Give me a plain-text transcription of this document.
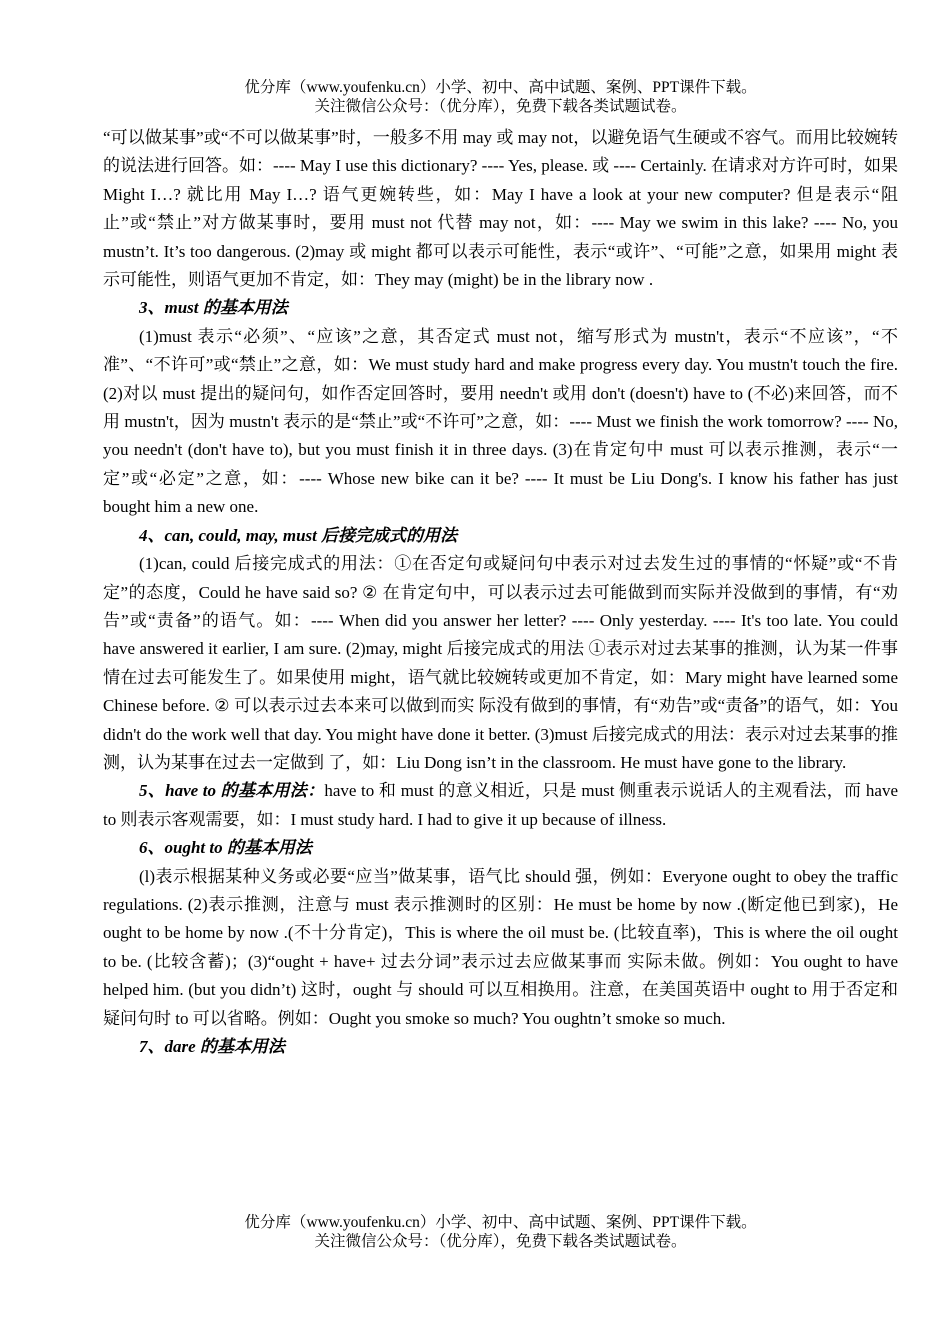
优分库（www.youfenku.cn）小学、初中、高中试题、案例、PPT课件下载。
关注微信公众号：（优分库），免费下载各类试题试卷。

“可以做某事”或“不可以做某事”时，一般多不用 may 或 may not，以避免语气生硬或不容气。而用比较婉转的说法进行回答。如：---- May I use this dictionary? ---- Yes, please. 或 ---- Certainly. 在请求对方许可时，如果 Might I…? 就比用 May I…? 语气更婉转些，如：May I have a look at your new computer? 但是表示“阻止”或“禁止”对方做某事时，要用 must not 代替 may not，如：---- May we swim in this lake? ---- No, you mustn’t. It’s too dangerous. (2)may 或 might 都可以表示可能性，表示“或许”、“可能”之意，如果用 might 表示可能性，则语气更加不肯定，如：They may (might) be in the library now .

3、must 的基本用法

(1)must 表示“必须”、“应该”之意，其否定式 must not，缩写形式为 mustn't，表示“不应该”，“不准”、“不许可”或“禁止”之意，如：We must study hard and make progress every day. You mustn't touch the fire. (2)对以 must 提出的疑问句，如作否定回答时，要用 needn't 或用 don't (doesn't) have to (不必)来回答，而不用 mustn't，因为 mustn't 表示的是“禁止”或“不许可”之意，如：---- Must we finish the work tomorrow? ---- No, you needn't (don't have to), but you must finish it in three days. (3)在肯定句中 must 可以表示推测，表示“一定”或“必定”之意，如：---- Whose new bike can it be? ---- It must be Liu Dong's. I know his father has just bought him a new one.

4、can, could, may, must 后接完成式的用法

(1)can, could 后接完成式的用法：①在否定句或疑问句中表示对过去发生过的事情的“怀疑”或“不肯定”的态度，Could he have said so? ② 在肯定句中，可以表示过去可能做到而实际并没做到的事情，有“劝告”或“责备”的语气。如：---- When did you answer her letter? ---- Only yesterday. ---- It's too late. You could have answered it earlier, I am sure. (2)may, might 后接完成式的用法 ①表示对过去某事的推测，认为某一件事情在过去可能发生了。如果使用 might，语气就比较婉转或更加不肯定，如：Mary might have learned some Chinese before. ② 可以表示过去本来可以做到而实 际没有做到的事情，有“劝告”或“责备”的语气，如：You didn't do the work well that day. You might have done it better. (3)must 后接完成式的用法：表示对过去某事的推测，认为某事在过去一定做到 了，如：Liu Dong isn’t in the classroom. He must have gone to the library.

5、have to 的基本用法：have to 和 must 的意义相近，只是 must 侧重表示说话人的主观看法，而 have to 则表示客观需要，如：I must study hard. I had to give it up because of illness.

6、ought to 的基本用法

(l)表示根据某种义务或必要“应当”做某事，语气比 should 强，例如：Everyone ought to obey the traffic regulations. (2)表示推测，注意与 must 表示推测时的区别：He must be home by now .(断定他已到家)，He ought to be home by now .(不十分肯定)，This is where the oil must be. (比较直率)，This is where the oil ought to be. (比较含蓄)；(3)“ought + have+ 过去分词”表示过去应做某事而 实际未做。例如：You ought to have helped him. (but you didn’t) 这时，ought 与 should 可以互相换用。注意，在美国英语中 ought to 用于否定和疑问句时 to 可以省略。例如：Ought you smoke so much? You oughtn’t smoke so much.

7、dare 的基本用法

优分库（www.youfenku.cn）小学、初中、高中试题、案例、PPT课件下载。
关注微信公众号：（优分库），免费下载各类试题试卷。
